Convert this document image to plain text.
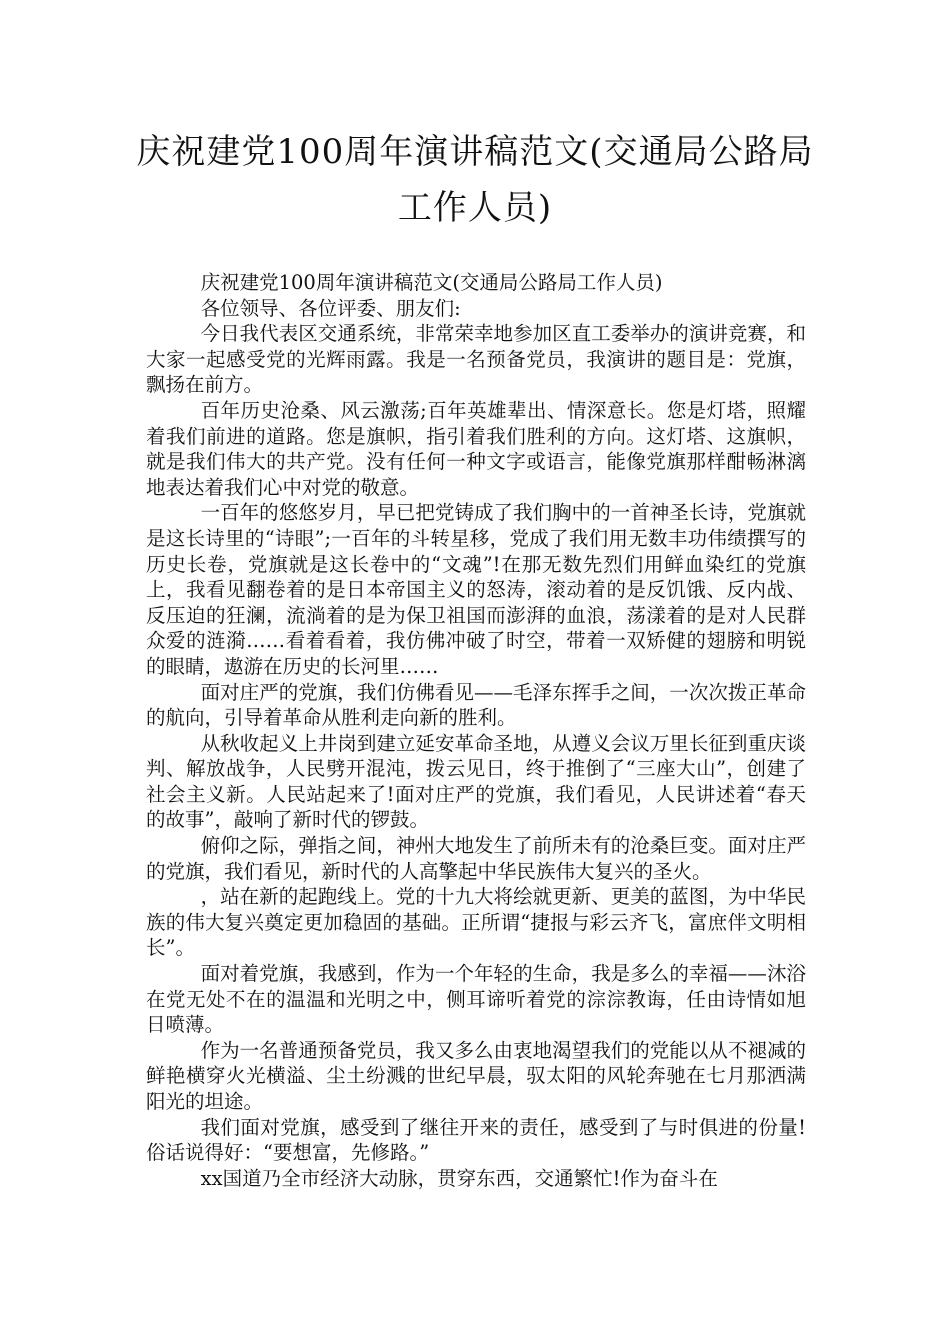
庆祝建党100周年演讲稿范文(交通局公路局工作人员)

庆祝建党100周年演讲稿范文(交通局公路局工作人员)

各位领导、各位评委、朋友们:

今日我代表区交通系统，非常荣幸地参加区直工委举办的演讲竞赛，和大家一起感受党的光辉雨露。我是一名预备党员，我演讲的题目是：党旗，飘扬在前方。

百年历史沧桑、风云激荡;百年英雄辈出、情深意长。您是灯塔，照耀着我们前进的道路。您是旗帜，指引着我们胜利的方向。这灯塔、这旗帜，就是我们伟大的共产党。没有任何一种文字或语言，能像党旗那样酣畅淋漓地表达着我们心中对党的敬意。

一百年的悠悠岁月，早已把党铸成了我们胸中的一首神圣长诗，党旗就是这长诗里的“诗眼”;一百年的斗转星移，党成了我们用无数丰功伟绩撰写的历史长卷，党旗就是这长卷中的“文魂”!在那无数先烈们用鲜血染红的党旗上，我看见翻卷着的是日本帝国主义的怒涛，滚动着的是反饥饿、反内战、反压迫的狂澜，流淌着的是为保卫祖国而澎湃的血浪，荡漾着的是对人民群众爱的涟漪……看着看着，我仿佛冲破了时空，带着一双矫健的翅膀和明锐的眼睛，遨游在历史的长河里……

面对庄严的党旗，我们仿佛看见——毛泽东挥手之间，一次次拨正革命的航向，引导着革命从胜利走向新的胜利。

从秋收起义上井岗到建立延安革命圣地，从遵义会议万里长征到重庆谈判、解放战争，人民劈开混沌，拨云见日，终于推倒了“三座大山”，创建了社会主义新。人民站起来了!面对庄严的党旗，我们看见，人民讲述着“春天的故事”，敲响了新时代的锣鼓。

俯仰之际，弹指之间，神州大地发生了前所未有的沧桑巨变。面对庄严的党旗，我们看见，新时代的人高擎起中华民族伟大复兴的圣火。

，站在新的起跑线上。党的十九大将绘就更新、更美的蓝图，为中华民族的伟大复兴奠定更加稳固的基础。正所谓“捷报与彩云齐飞，富庶伴文明相长”。

面对着党旗，我感到，作为一个年轻的生命，我是多么的幸福——沐浴在党无处不在的温温和光明之中，侧耳谛听着党的淙淙教诲，任由诗情如旭日喷薄。

作为一名普通预备党员，我又多么由衷地渴望我们的党能以从不褪减的鲜艳横穿火光横溢、尘土纷溅的世纪早晨，驭太阳的风轮奔驰在七月那洒满阳光的坦途。

我们面对党旗，感受到了继往开来的责任，感受到了与时俱进的份量!俗话说得好：“要想富，先修路。”

xx国道乃全市经济大动脉，贯穿东西，交通繁忙!作为奋斗在
